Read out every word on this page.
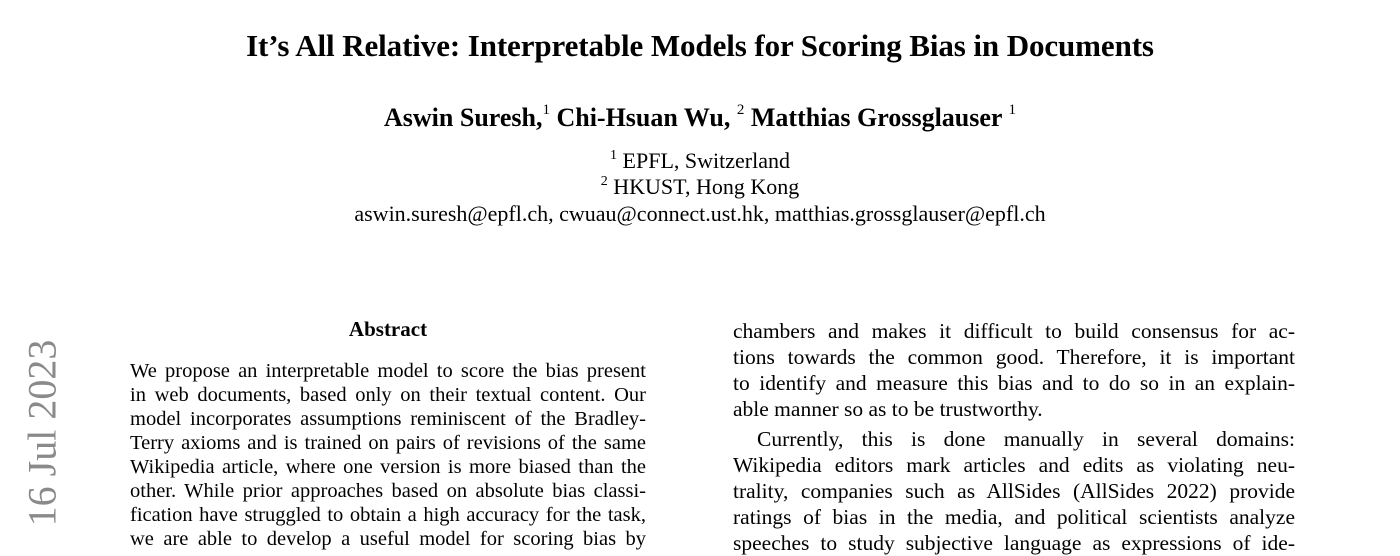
It’s All Relative: Interpretable Models for Scoring Bias in Documents
Aswin Suresh,$^1$ Chi-Hsuan Wu, $^2$ Matthias Grossglauser $^1$
$^1$ EPFL, Switzerland
$^2$ HKUST, Hong Kong
aswin.suresh@epfl.ch, cwuau@connect.ust.hk, matthias.grossglauser@epfl.ch
16 Jul 2023
Abstract
We propose an interpretable model to score the bias present
in web documents, based only on their textual content. Our
model incorporates assumptions reminiscent of the Bradley-
Terry axioms and is trained on pairs of revisions of the same
Wikipedia article, where one version is more biased than the
other. While prior approaches based on absolute bias classi-
fication have struggled to obtain a high accuracy for the task,
we are able to develop a useful model for scoring bias by

chambers and makes it difficult to build consensus for ac-
tions towards the common good. Therefore, it is important
to identify and measure this bias and to do so in an explain-
able manner so as to be trustworthy.

Currently, this is done manually in several domains:
Wikipedia editors mark articles and edits as violating neu-
trality, companies such as AllSides (AllSides 2022) provide
ratings of bias in the media, and political scientists analyze
speeches to study subjective language as expressions of ide-
